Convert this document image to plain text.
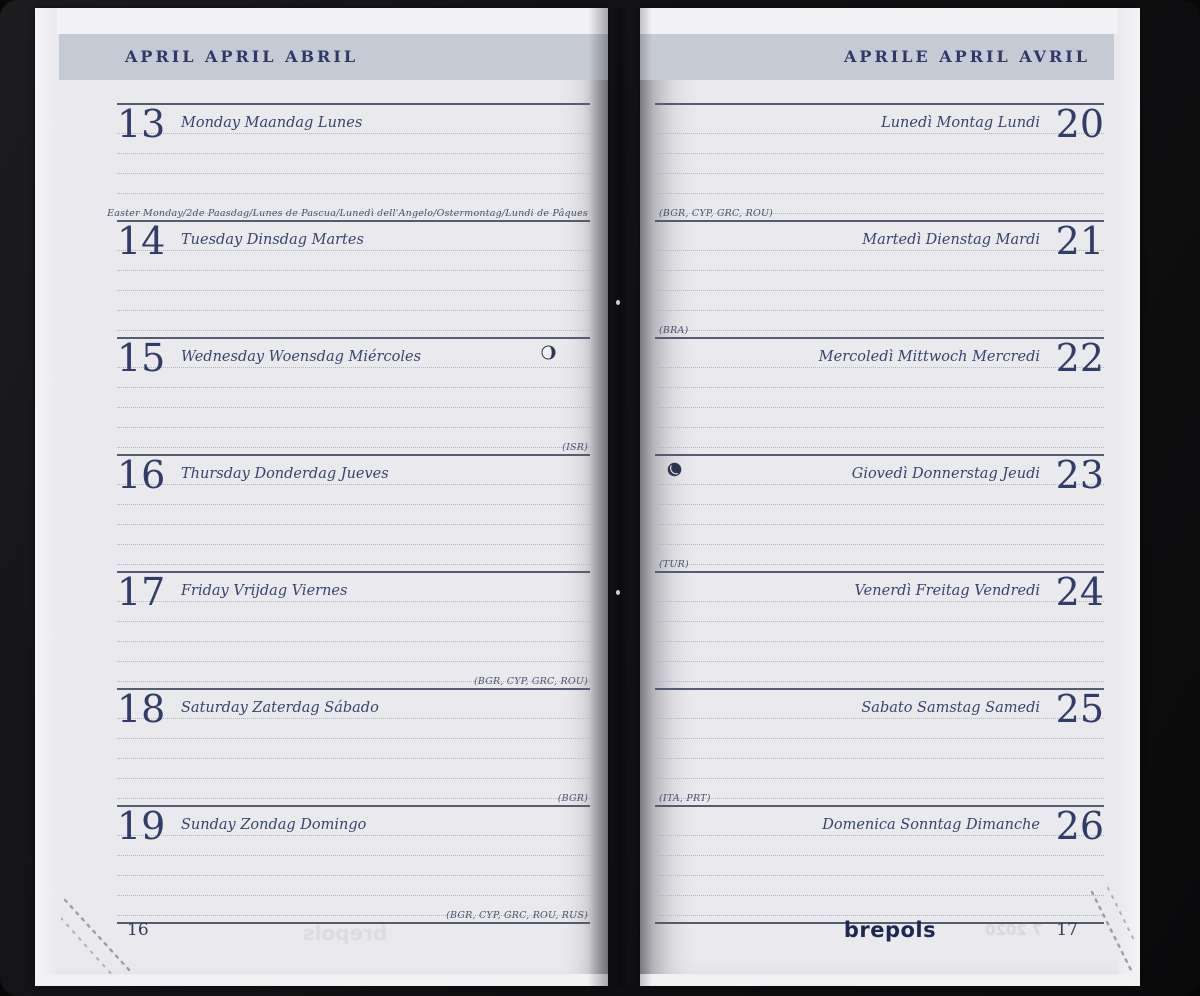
APRIL APRIL ABRIL
13 Monday Maandag Lunes
Easter Monday/2de Paasdag/Lunes de Pascua/Lunedì dell'Angelo/Ostermontag/Lundi de Pâques
14 Tuesday Dinsdag Martes
15 Wednesday Woensdag Miércoles
(ISR)
16 Thursday Donderdag Jueves
17 Friday Vrijdag Viernes
(BGR, CYP, GRC, ROU)
18 Saturday Zaterdag Sábado
(BGR)
19 Sunday Zondag Domingo
(BGR, CYP, GRC, ROU, RUS)
16	brepols
APRILE APRIL AVRIL
20
Lunedì Montag Lundi
(BGR, CYP, GRC, ROU)
21
Martedì Dienstag Mardi
(BRA)
22
Mercoledì Mittwoch Mercredi
23
Giovedì Donnerstag Jeudi
(TUR)
24
Venerdì Freitag Vendredi
25
Sabato Samstag Samedi
(ITA, PRT)
26
Domenica Sonntag Dimanche
brepols	17
7 2020
